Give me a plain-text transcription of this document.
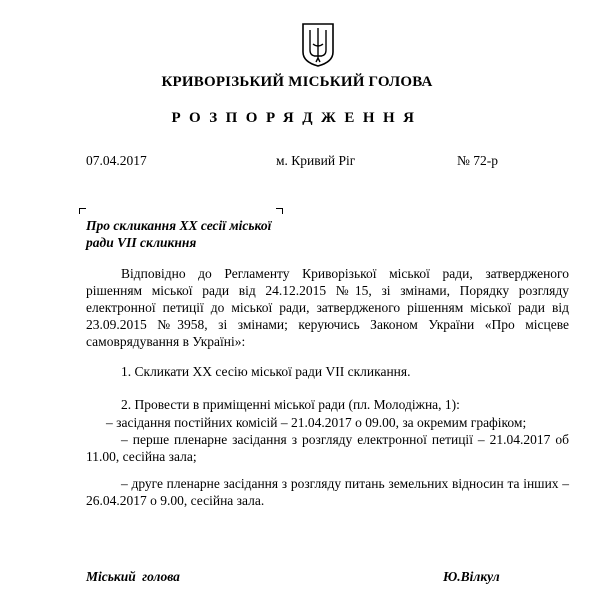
КРИВОРІЗЬКИЙ МІСЬКИЙ ГОЛОВА
РОЗПОРЯДЖЕННЯ
07.04.2017	м. Кривий Ріг	№ 72-р
Про скликання ХХ сесії міської
ради VIІ скликння
Відповідно до Регламенту Криворізької міської ради, затвердженого рішенням міської ради від 24.12.2015 №15, зі змінами, Порядку розгляду електронної петиції до міської ради, затвердженого рішенням міської ради від 23.09.2015 №3958, зі змінами; керуючись Законом України «Про місцеве самоврядування в Україні»:
1. Скликати ХХ сесію міської ради VIІ скликання.
2. Провести в приміщенні міської ради (пл. Молодіжна, 1):
– засідання постійних комісій – 21.04.2017 о 09.00, за окремим графіком;
– перше пленарне засідання з розгляду електронної петиції – 21.04.2017 об 11.00, сесійна зала;
– друге пленарне засідання з розгляду питань земельних відносин та інших – 26.04.2017 о 9.00, сесійна зала.
Міський голова	Ю.Вілкул
